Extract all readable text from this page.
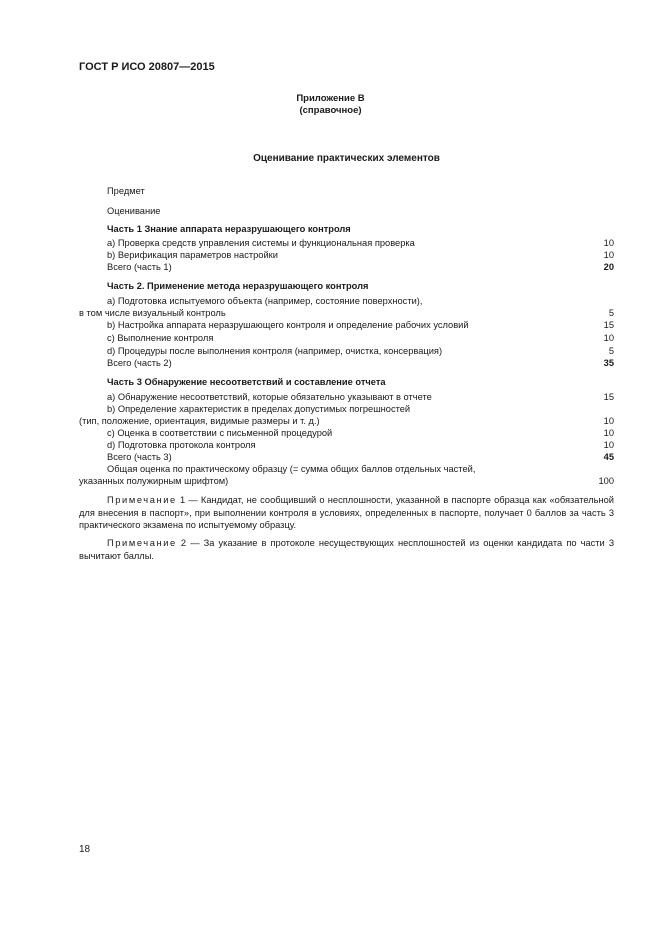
ГОСТ Р ИСО 20807—2015
Приложение В
(справочное)
Оценивание практических элементов
Предмет
Оценивание
Часть 1 Знание аппарата неразрушающего контроля
а) Проверка средств управления системы и функциональная проверка	10
b) Верификация параметров настройки	10
Всего (часть 1)	20
Часть 2. Применение метода неразрушающего контроля
а) Подготовка испытуемого объекта (например, состояние поверхности),
в том числе визуальный контроль	5
b) Настройка аппарата неразрушающего контроля и определение рабочих условий	15
c) Выполнение контроля	10
d) Процедуры после выполнения контроля (например, очистка, консервация)	5
Всего (часть 2)	35
Часть 3 Обнаружение несоответствий и составление отчета
а) Обнаружение несоответствий, которые обязательно указывают в отчете	15
b) Определение характеристик в пределах допустимых погрешностей
(тип, положение, ориентация, видимые размеры и т. д.)	10
c) Оценка в соответствии с письменной процедурой	10
d) Подготовка протокола контроля	10
Всего (часть 3)	45
Общая оценка по практическому образцу (= сумма общих баллов отдельных частей,
указанных полужирным шрифтом)	100
Примечание 1 — Кандидат, не сообщивший о несплошности, указанной в паспорте образца как «обязательной для внесения в паспорт», при выполнении контроля в условиях, определенных в паспорте, получает 0 баллов за часть 3 практического экзамена по испытуемому образцу.
Примечание 2 — За указание в протоколе несуществующих несплошностей из оценки кандидата по части 3 вычитают баллы.
18
